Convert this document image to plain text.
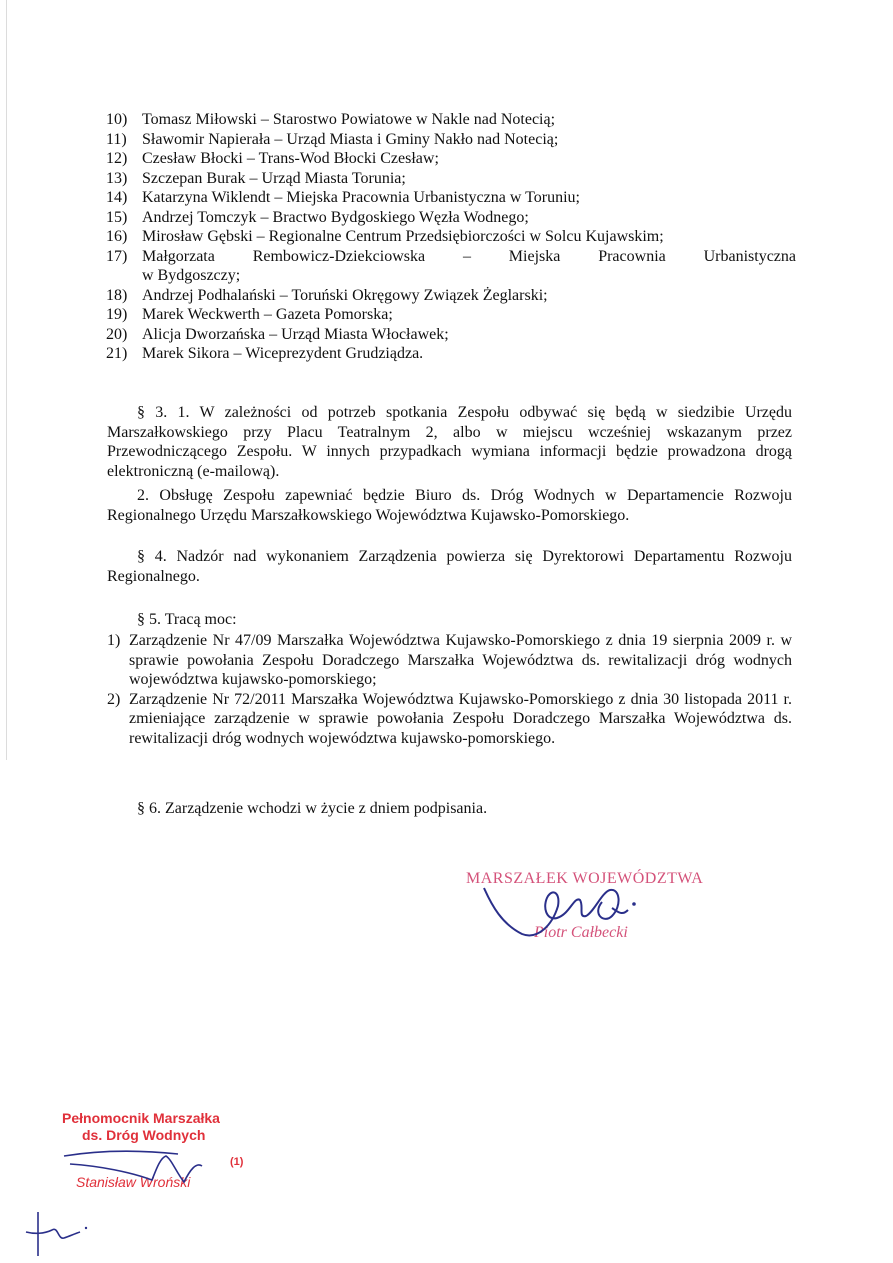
10) Tomasz Miłowski – Starostwo Powiatowe w Nakle nad Notecią;
11) Sławomir Napierała – Urząd Miasta i Gminy Nakło nad Notecią;
12) Czesław Błocki – Trans-Wod Błocki Czesław;
13) Szczepan Burak – Urząd Miasta Torunia;
14) Katarzyna Wiklendt – Miejska Pracownia Urbanistyczna w Toruniu;
15) Andrzej Tomczyk – Bractwo Bydgoskiego Węzła Wodnego;
16) Mirosław Gębski – Regionalne Centrum Przedsiębiorczości w Solcu Kujawskim;
17) Małgorzata Rembowicz-Dziekciowska – Miejska Pracownia Urbanistyczna
w Bydgoszczy;
18) Andrzej Podhalański – Toruński Okręgowy Związek Żeglarski;
19) Marek Weckwerth – Gazeta Pomorska;
20) Alicja Dworzańska – Urząd Miasta Włocławek;
21) Marek Sikora – Wiceprezydent Grudziądza.

§ 3. 1. W zależności od potrzeb spotkania Zespołu odbywać się będą w siedzibie Urzędu Marszałkowskiego przy Placu Teatralnym 2, albo w miejscu wcześniej wskazanym przez Przewodniczącego Zespołu. W innych przypadkach wymiana informacji będzie prowadzona drogą elektroniczną (e-mailową).

2. Obsługę Zespołu zapewniać będzie Biuro ds. Dróg Wodnych w Departamencie Rozwoju Regionalnego Urzędu Marszałkowskiego Województwa Kujawsko-Pomorskiego.

§ 4. Nadzór nad wykonaniem Zarządzenia powierza się Dyrektorowi Departamentu Rozwoju Regionalnego.

§ 5. Tracą moc:

1) Zarządzenie Nr 47/09 Marszałka Województwa Kujawsko-Pomorskiego z dnia 19 sierpnia 2009 r. w sprawie powołania Zespołu Doradczego Marszałka Województwa ds. rewitalizacji dróg wodnych województwa kujawsko-pomorskiego;
2) Zarządzenie Nr 72/2011 Marszałka Województwa Kujawsko-Pomorskiego z dnia 30 listopada 2011 r. zmieniające zarządzenie w sprawie powołania Zespołu Doradczego Marszałka Województwa ds. rewitalizacji dróg wodnych województwa kujawsko-pomorskiego.

§ 6. Zarządzenie wchodzi w życie z dniem podpisania.

MARSZAŁEK WOJEWÓDZTWA
Piotr Całbecki
Pełnomocnik Marszałka
ds. Dróg Wodnych
Stanisław Wroński
(1)
